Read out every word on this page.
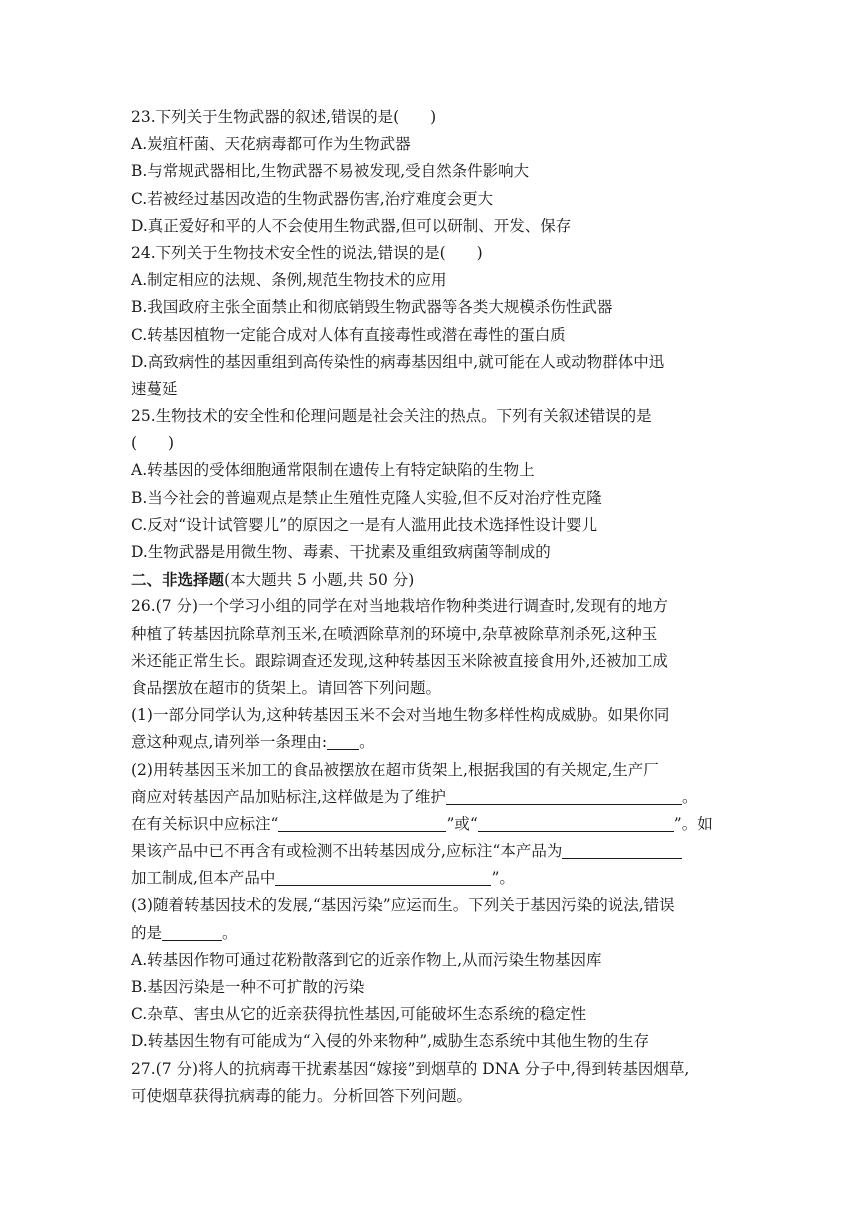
23.下列关于生物武器的叙述,错误的是(　　)
A.炭疽杆菌、天花病毒都可作为生物武器
B.与常规武器相比,生物武器不易被发现,受自然条件影响大
C.若被经过基因改造的生物武器伤害,治疗难度会更大
D.真正爱好和平的人不会使用生物武器,但可以研制、开发、保存
24.下列关于生物技术安全性的说法,错误的是(　　)
A.制定相应的法规、条例,规范生物技术的应用
B.我国政府主张全面禁止和彻底销毁生物武器等各类大规模杀伤性武器
C.转基因植物一定能合成对人体有直接毒性或潜在毒性的蛋白质
D.高致病性的基因重组到高传染性的病毒基因组中,就可能在人或动物群体中迅
速蔓延
25.生物技术的安全性和伦理问题是社会关注的热点。下列有关叙述错误的是
(　　)
A.转基因的受体细胞通常限制在遗传上有特定缺陷的生物上
B.当今社会的普遍观点是禁止生殖性克隆人实验,但不反对治疗性克隆
C.反对“设计试管婴儿”的原因之一是有人滥用此技术选择性设计婴儿
D.生物武器是用微生物、毒素、干扰素及重组致病菌等制成的
二、非选择题(本大题共 5 小题,共 50 分)
26.(7 分)一个学习小组的同学在对当地栽培作物种类进行调查时,发现有的地方
种植了转基因抗除草剂玉米,在喷洒除草剂的环境中,杂草被除草剂杀死,这种玉
米还能正常生长。跟踪调查还发现,这种转基因玉米除被直接食用外,还被加工成
食品摆放在超市的货架上。请回答下列问题。
(1)一部分同学认为,这种转基因玉米不会对当地生物多样性构成威胁。如果你同
意这种观点,请列举一条理由: 。
(2)用转基因玉米加工的食品被摆放在超市货架上,根据我国的有关规定,生产厂
商应对转基因产品加贴标注,这样做是为了维护	。
在有关标识中应标注“	”或“	”。如
果该产品中已不再含有或检测不出转基因成分,应标注“本产品为
加工制成,但本产品中	”。
(3)随着转基因技术的发展,“基因污染”应运而生。下列关于基因污染的说法,错误
的是	。
A.转基因作物可通过花粉散落到它的近亲作物上,从而污染生物基因库
B.基因污染是一种不可扩散的污染
C.杂草、害虫从它的近亲获得抗性基因,可能破坏生态系统的稳定性
D.转基因生物有可能成为“入侵的外来物种”,威胁生态系统中其他生物的生存
27.(7 分)将人的抗病毒干扰素基因“嫁接”到烟草的 DNA 分子中,得到转基因烟草,
可使烟草获得抗病毒的能力。分析回答下列问题。
